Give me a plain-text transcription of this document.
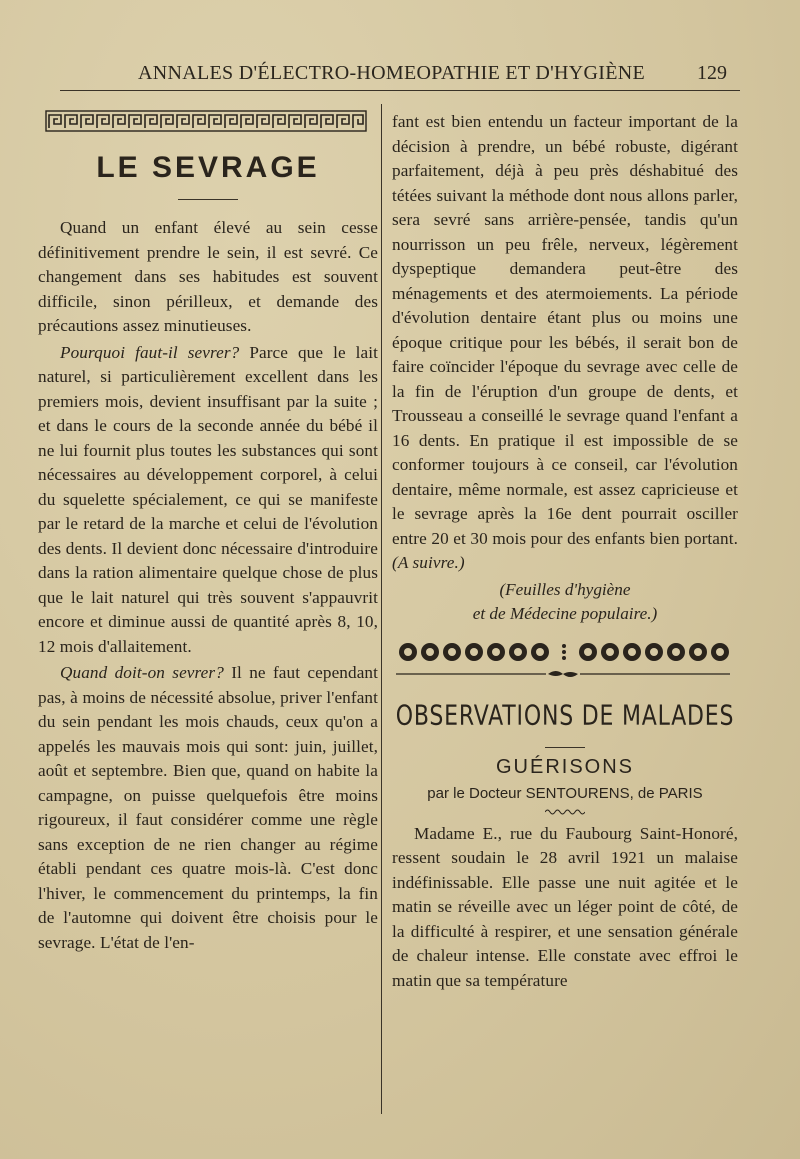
ANNALES D'ÉLECTRO-HOMEOPATHIE ET D'HYGIÈNE	129
LE SEVRAGE

Quand un enfant élevé au sein cesse définitivement prendre le sein, il est sevré. Ce changement dans ses habitudes est souvent difficile, sinon périlleux, et demande des précautions assez minutieuses.

Pourquoi faut-il sevrer? Parce que le lait naturel, si particulièrement excellent dans les premiers mois, devient insuffisant par la suite ; et dans le cours de la seconde année du bébé il ne lui fournit plus toutes les substances qui sont nécessaires au développement corporel, à celui du squelette spécialement, ce qui se manifeste par le retard de la marche et celui de l'évolution des dents. Il devient donc nécessaire d'introduire dans la ration alimentaire quelque chose de plus que le lait naturel qui très souvent s'appauvrit encore et diminue aussi de quantité après 8, 10, 12 mois d'allaitement.

Quand doit-on sevrer? Il ne faut cependant pas, à moins de nécessité absolue, priver l'enfant du sein pendant les mois chauds, ceux qu'on a appelés les mauvais mois qui sont: juin, juillet, août et septembre. Bien que, quand on habite la campagne, on puisse quelquefois être moins rigoureux, il faut considérer comme une règle sans exception de ne rien changer au régime établi pendant ces quatre mois-là. C'est donc l'hiver, le commencement du printemps, la fin de l'automne qui doivent être choisis pour le sevrage. L'état de l'en-

fant est bien entendu un facteur important de la décision à prendre, un bébé robuste, digérant parfaitement, déjà à peu près déshabitué des tétées suivant la méthode dont nous allons parler, sera sevré sans arrière-pensée, tandis qu'un nourrisson un peu frêle, nerveux, légèrement dyspeptique demandera peut-être des ménagements et des atermoiements. La période d'évolution dentaire étant plus ou moins une époque critique pour les bébés, il serait bon de faire coïncider l'époque du sevrage avec celle de la fin de l'éruption d'un groupe de dents, et Trousseau a conseillé le sevrage quand l'enfant a 16 dents. En pratique il est impossible de se conformer toujours à ce conseil, car l'évolution dentaire, même normale, est assez capricieuse et le sevrage après la 16e dent pourrait osciller entre 20 et 30 mois pour des enfants bien portant. (A suivre.)

(Feuilles d'hygiène

et de Médecine populaire.)

OBSERVATIONS DE MALADES
GUÉRISONS
par le Docteur SENTOURENS, de PARIS

Madame E., rue du Faubourg Saint-Honoré, ressent soudain le 28 avril 1921 un malaise indéfinissable. Elle passe une nuit agitée et le matin se réveille avec un léger point de côté, de la difficulté à respirer, et une sensation générale de chaleur intense. Elle constate avec effroi le matin que sa température
